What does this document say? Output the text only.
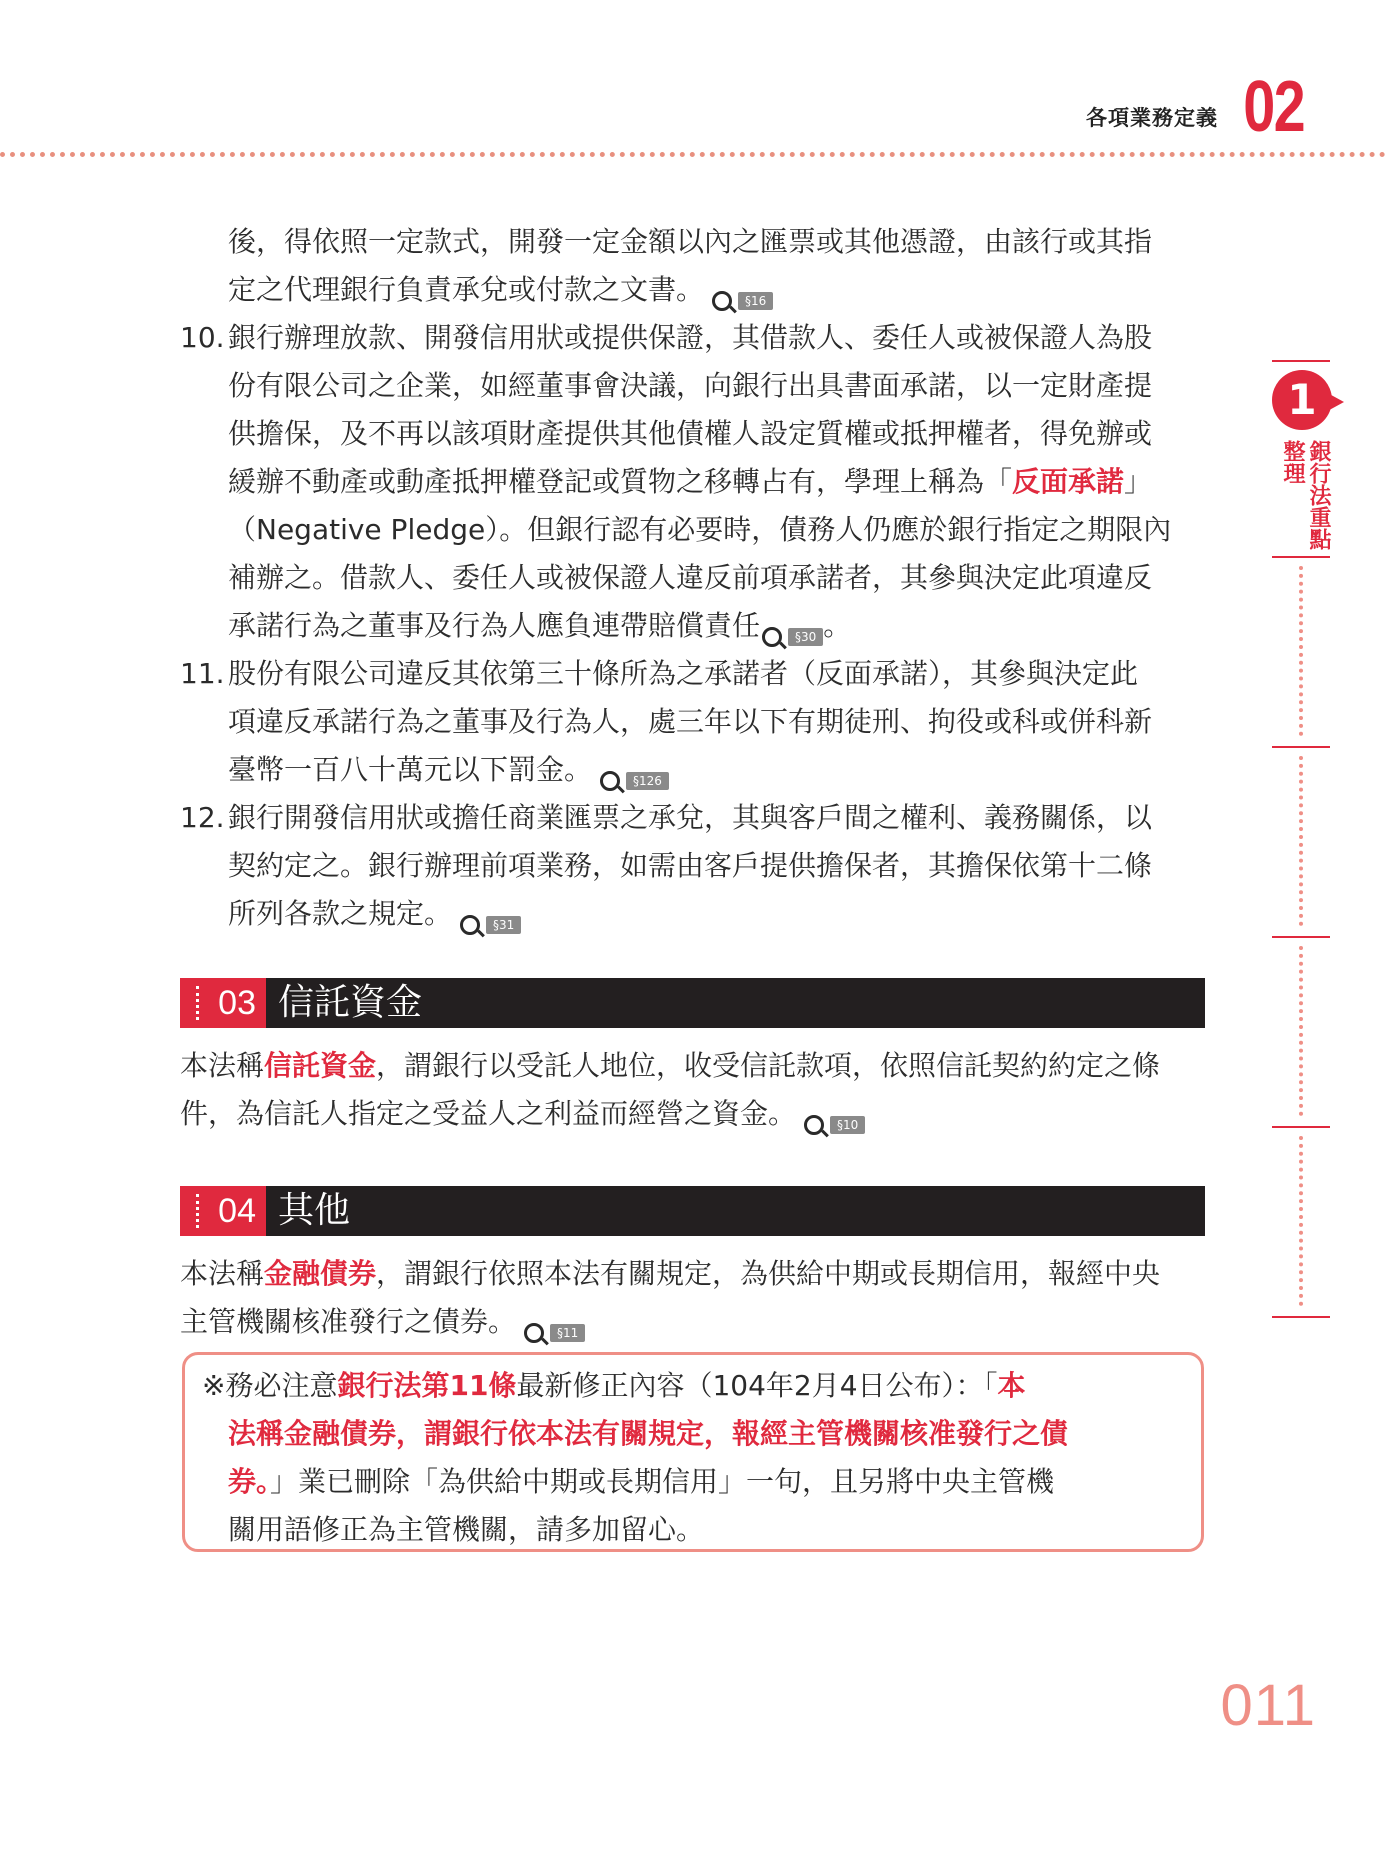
各項業務定義 02
後，得依照一定款式，開發一定金額以內之匯票或其他憑證，由該行或其指
定之代理銀行負責承兌或付款之文書。	§16
10. 銀行辦理放款、開發信用狀或提供保證，其借款人、委任人或被保證人為股
份有限公司之企業，如經董事會決議，向銀行出具書面承諾，以一定財產提
供擔保，及不再以該項財產提供其他債權人設定質權或抵押權者，得免辦或
緩辦不動產或動產抵押權登記或質物之移轉占有，學理上稱為「反面承諾」
（Negative Pledge）。但銀行認有必要時，債務人仍應於銀行指定之期限內
補辦之。借款人、委任人或被保證人違反前項承諾者，其參與決定此項違反
承諾行為之董事及行為人應負連帶賠償責任	§30 。
11. 股份有限公司違反其依第三十條所為之承諾者（反面承諾），其參與決定此
項違反承諾行為之董事及行為人，處三年以下有期徒刑、拘役或科或併科新
臺幣一百八十萬元以下罰金。	§126
12. 銀行開發信用狀或擔任商業匯票之承兌，其與客戶間之權利、義務關係，以
契約定之。銀行辦理前項業務，如需由客戶提供擔保者，其擔保依第十二條
所列各款之規定。	§31
03 信託資金
本法稱信託資金，謂銀行以受託人地位，收受信託款項，依照信託契約約定之條
件，為信託人指定之受益人之利益而經營之資金。	§10
04 其他
本法稱金融債券，謂銀行依照本法有關規定，為供給中期或長期信用，報經中央
主管機關核准發行之債券。	§11
※務必注意銀行法第11條最新修正內容（104年2月4日公布）：「本
法稱金融債券，謂銀行依本法有關規定，報經主管機關核准發行之債
券。」業已刪除「為供給中期或長期信用」一句，且另將中央主管機
關用語修正為主管機關，請多加留心。
1
銀行法重點
整理
011
